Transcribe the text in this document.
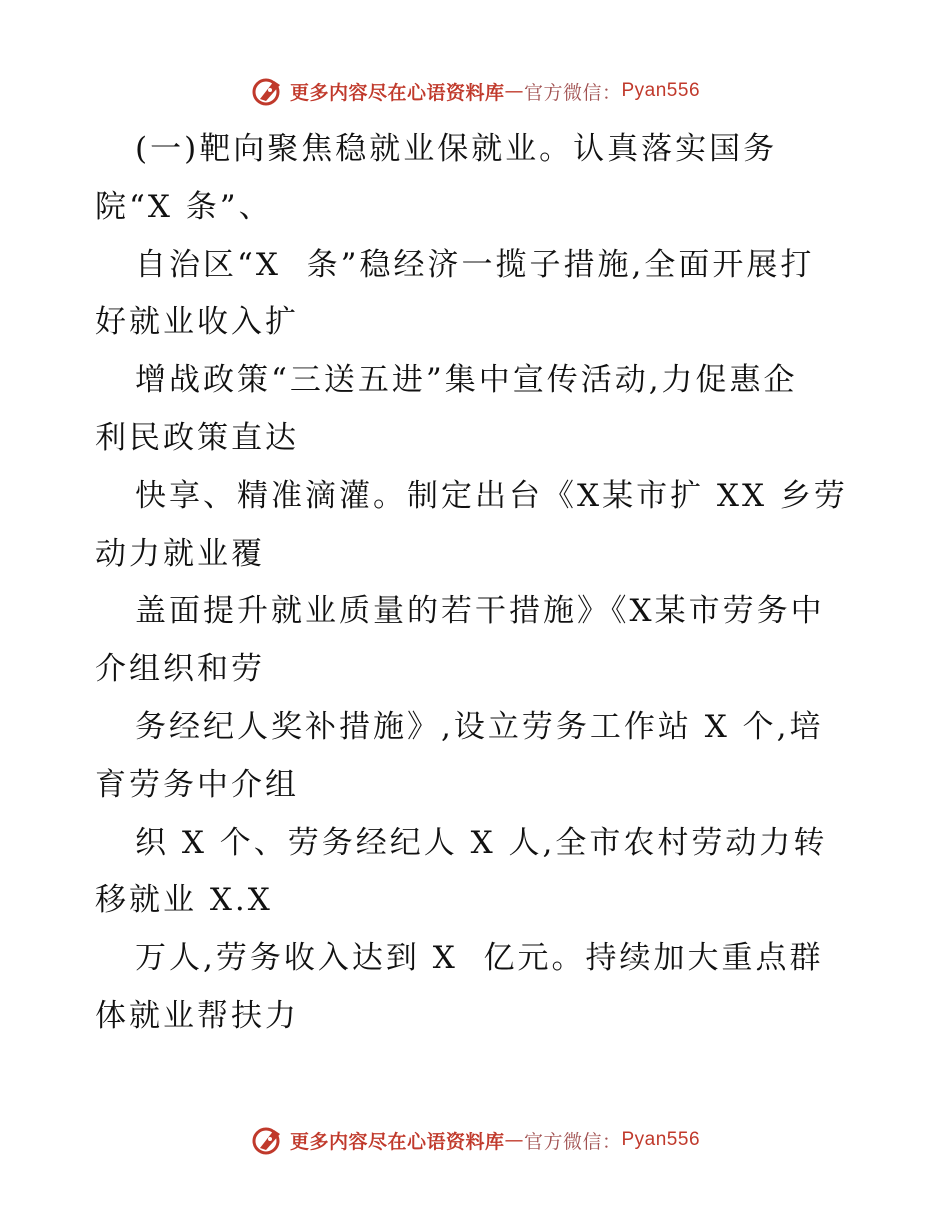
更多内容尽在心语资料库 — 官方微信： Pyan556
(一)靶向聚焦稳就业保就业。认真落实国务
院“X 条”、
自治区“X  条”稳经济一揽子措施,全面开展打
好就业收入扩
增战政策“三送五进”集中宣传活动,力促惠企
利民政策直达
快享、精准滴灌。制定出台《X某市扩 XX 乡劳
动力就业覆
盖面提升就业质量的若干措施》《X某市劳务中
介组织和劳
务经纪人奖补措施》,设立劳务工作站 X 个,培
育劳务中介组
织 X 个、劳务经纪人 X 人,全市农村劳动力转
移就业 X.X
万人,劳务收入达到 X  亿元。持续加大重点群
体就业帮扶力
更多内容尽在心语资料库 — 官方微信： Pyan556
